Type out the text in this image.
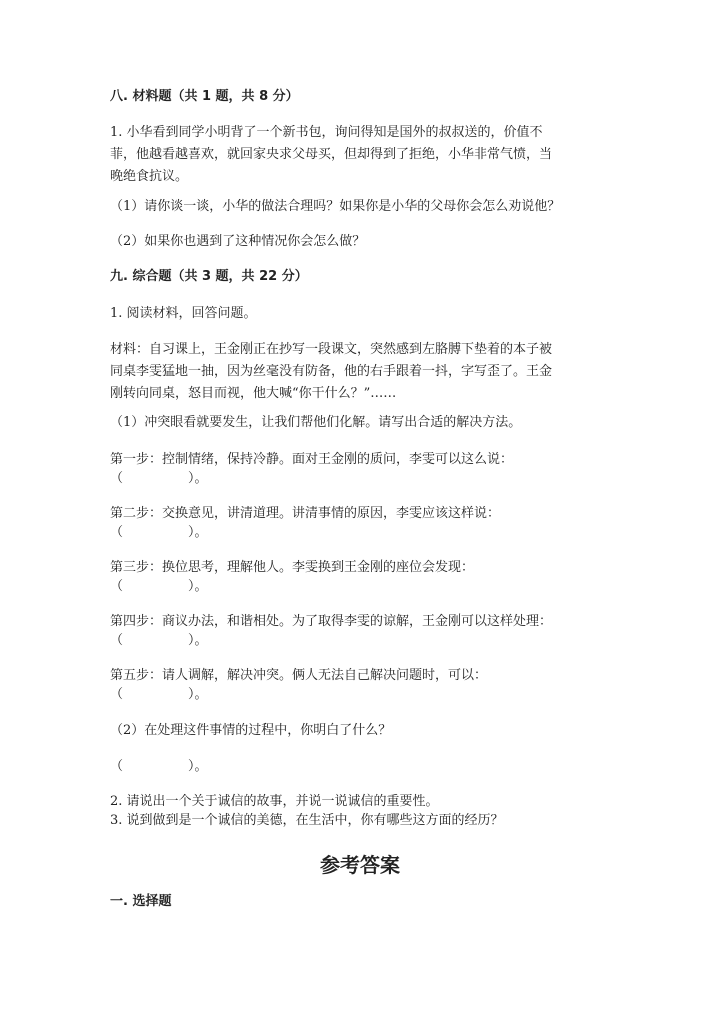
八. 材料题（共 1 题，共 8 分）
1. 小华看到同学小明背了一个新书包，询问得知是国外的叔叔送的，价值不
菲，他越看越喜欢，就回家央求父母买，但却得到了拒绝，小华非常气愤，当
晚绝食抗议。
（1）请你谈一谈，小华的做法合理吗？如果你是小华的父母你会怎么劝说他？
（2）如果你也遇到了这种情况你会怎么做？
九. 综合题（共 3 题，共 22 分）
1. 阅读材料，回答问题。
材料：自习课上，王金刚正在抄写一段课文，突然感到左胳膊下垫着的本子被
同桌李雯猛地一抽，因为丝毫没有防备，他的右手跟着一抖，字写歪了。王金
刚转向同桌，怒目而视，他大喊“你干什么？”……
（1）冲突眼看就要发生，让我们帮他们化解。请写出合适的解决方法。
第一步：控制情绪，保持冷静。面对王金刚的质问，李雯可以这么说：
（　　　　　）。
第二步：交换意见，讲清道理。讲清事情的原因，李雯应该这样说：
（　　　　　）。
第三步：换位思考，理解他人。李雯换到王金刚的座位会发现：
（　　　　　）。
第四步：商议办法，和谐相处。为了取得李雯的谅解，王金刚可以这样处理：
（　　　　　）。
第五步：请人调解，解决冲突。俩人无法自己解决问题时，可以：
（　　　　　）。
（2）在处理这件事情的过程中，你明白了什么？
（　　　　　）。
2. 请说出一个关于诚信的故事，并说一说诚信的重要性。
3. 说到做到是一个诚信的美德，在生活中，你有哪些这方面的经历？
参考答案
一. 选择题
